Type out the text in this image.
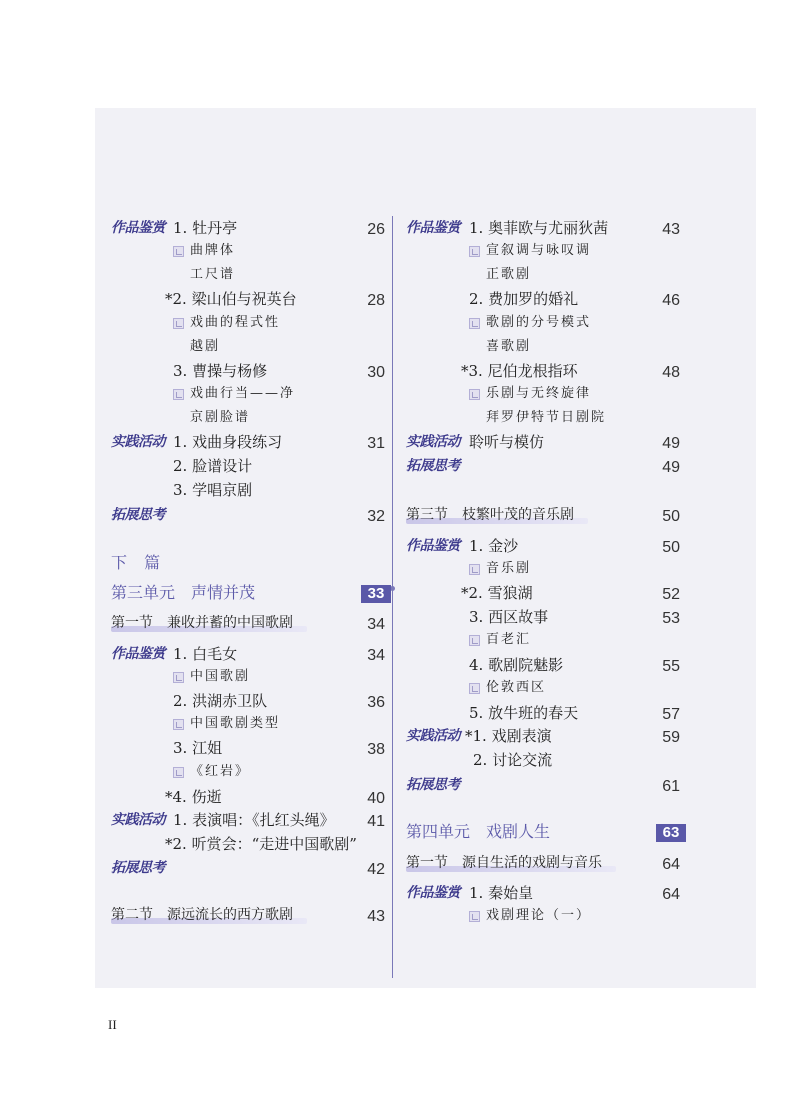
作品鉴赏 1. 牡丹亭	26
曲牌体
工尺谱
*2. 梁山伯与祝英台	28
戏曲的程式性
越剧
3. 曹操与杨修	30
戏曲行当——净
京剧脸谱
实践活动 1. 戏曲身段练习	31
2. 脸谱设计
3. 学唱京剧
拓展思考	32
下 篇
第三单元　声情并茂	33
第一节　兼收并蓄的中国歌剧	34
作品鉴赏 1. 白毛女	34
中国歌剧
2. 洪湖赤卫队	36
中国歌剧类型
3. 江姐	38
《红岩》
*4. 伤逝	40
实践活动 1. 表演唱：《扎红头绳》	41
*2. 听赏会：“走进中国歌剧”
拓展思考	42
第二节　源远流长的西方歌剧	43
作品鉴赏 1. 奥菲欧与尤丽狄茜	43
宣叙调与咏叹调
正歌剧
2. 费加罗的婚礼	46
歌剧的分号模式
喜歌剧
*3. 尼伯龙根指环	48
乐剧与无终旋律
拜罗伊特节日剧院
实践活动 聆听与模仿	49
拓展思考	49
第三节　枝繁叶茂的音乐剧	50
作品鉴赏 1. 金沙	50
音乐剧
*2. 雪狼湖	52
3. 西区故事	53
百老汇
4. 歌剧院魅影	55
伦敦西区
5. 放牛班的春天	57
实践活动 *1. 戏剧表演	59
2. 讨论交流
拓展思考	61
第四单元　戏剧人生	63
第一节　源自生活的戏剧与音乐	64
作品鉴赏 1. 秦始皇	64
戏剧理论（一）
II
